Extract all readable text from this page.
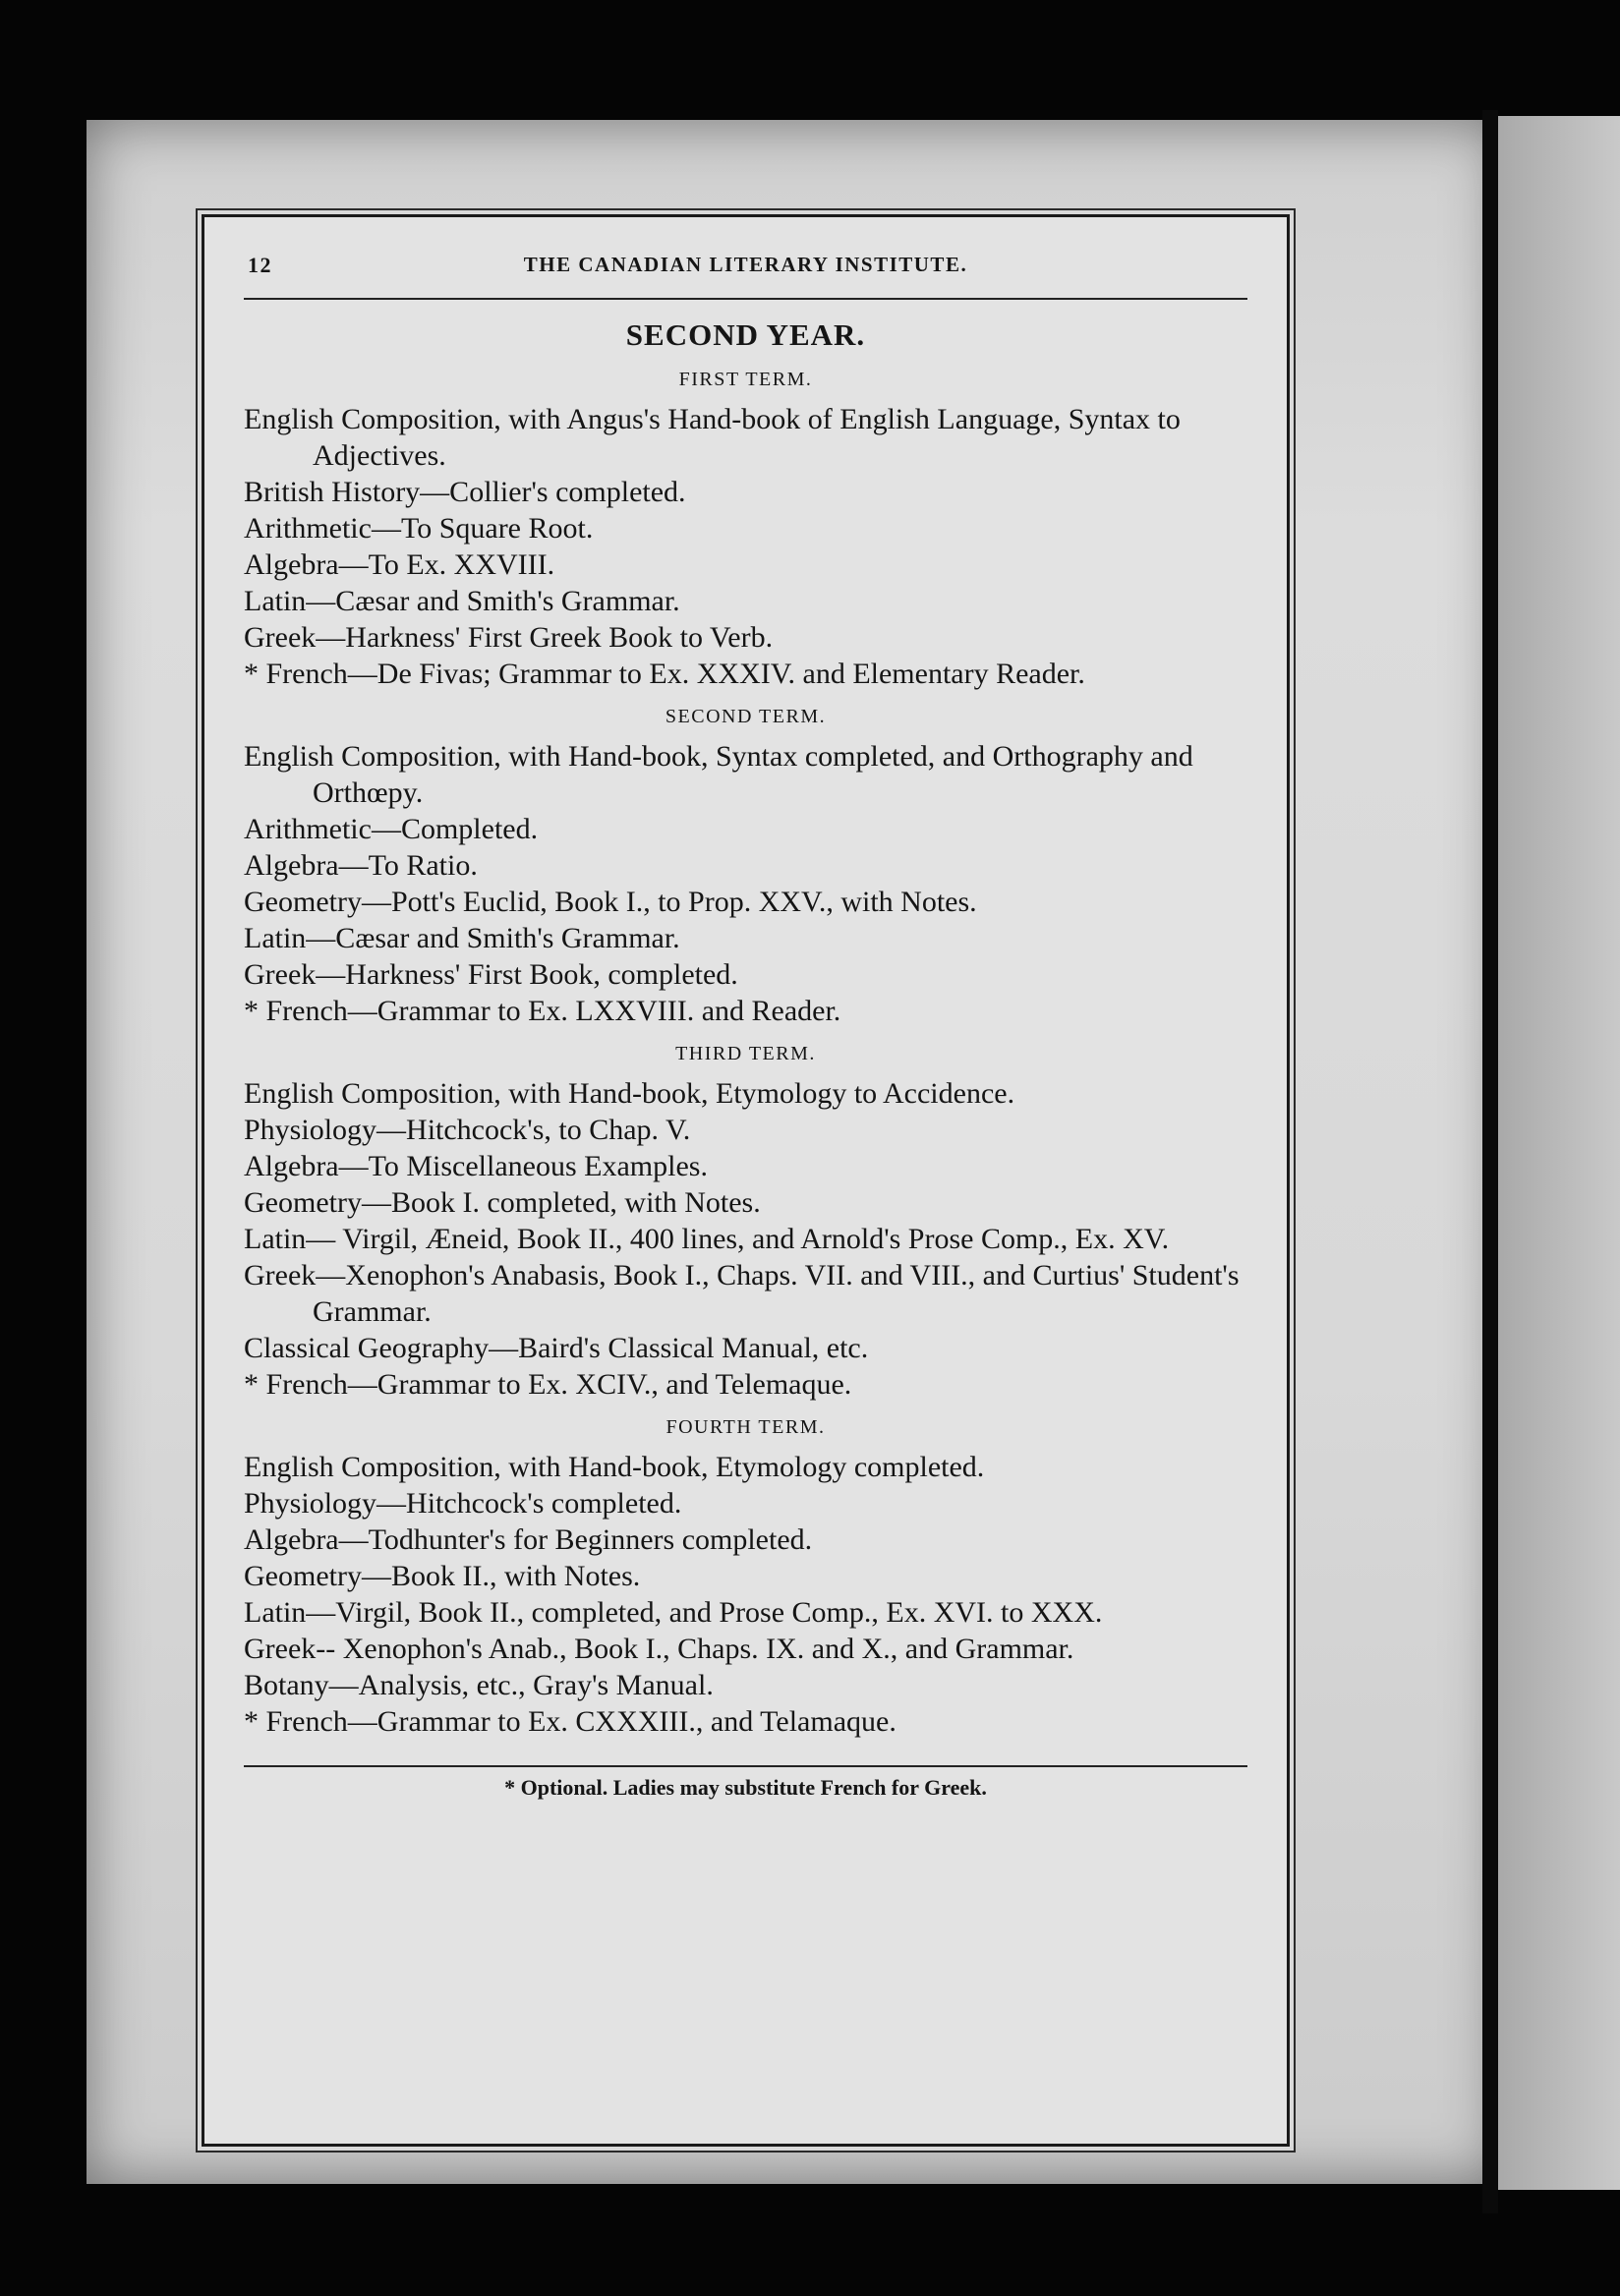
12	THE CANADIAN LITERARY INSTITUTE.
SECOND YEAR.
FIRST TERM.
English Composition, with Angus's Hand-book of English Language, Syntax to Adjectives.
British History—Collier's completed.
Arithmetic—To Square Root.
Algebra—To Ex. XXVIII.
Latin—Cæsar and Smith's Grammar.
Greek—Harkness' First Greek Book to Verb.
* French—De Fivas; Grammar to Ex. XXXIV. and Elementary Reader.
SECOND TERM.
English Composition, with Hand-book, Syntax completed, and Orthography and Orthœpy.
Arithmetic—Completed.
Algebra—To Ratio.
Geometry—Pott's Euclid, Book I., to Prop. XXV., with Notes.
Latin—Cæsar and Smith's Grammar.
Greek—Harkness' First Book, completed.
* French—Grammar to Ex. LXXVIII. and Reader.
THIRD TERM.
English Composition, with Hand-book, Etymology to Accidence.
Physiology—Hitchcock's, to Chap. V.
Algebra—To Miscellaneous Examples.
Geometry—Book I. completed, with Notes.
Latin— Virgil, Æneid, Book II., 400 lines, and Arnold's Prose Comp., Ex. XV.
Greek—Xenophon's Anabasis, Book I., Chaps. VII. and VIII., and Curtius' Student's Grammar.
Classical Geography—Baird's Classical Manual, etc.
* French—Grammar to Ex. XCIV., and Telemaque.
FOURTH TERM.
English Composition, with Hand-book, Etymology completed.
Physiology—Hitchcock's completed.
Algebra—Todhunter's for Beginners completed.
Geometry—Book II., with Notes.
Latin—Virgil, Book II., completed, and Prose Comp., Ex. XVI. to XXX.
Greek-- Xenophon's Anab., Book I., Chaps. IX. and X., and Grammar.
Botany—Analysis, etc., Gray's Manual.
* French—Grammar to Ex. CXXXIII., and Telamaque.
* Optional. Ladies may substitute French for Greek.
